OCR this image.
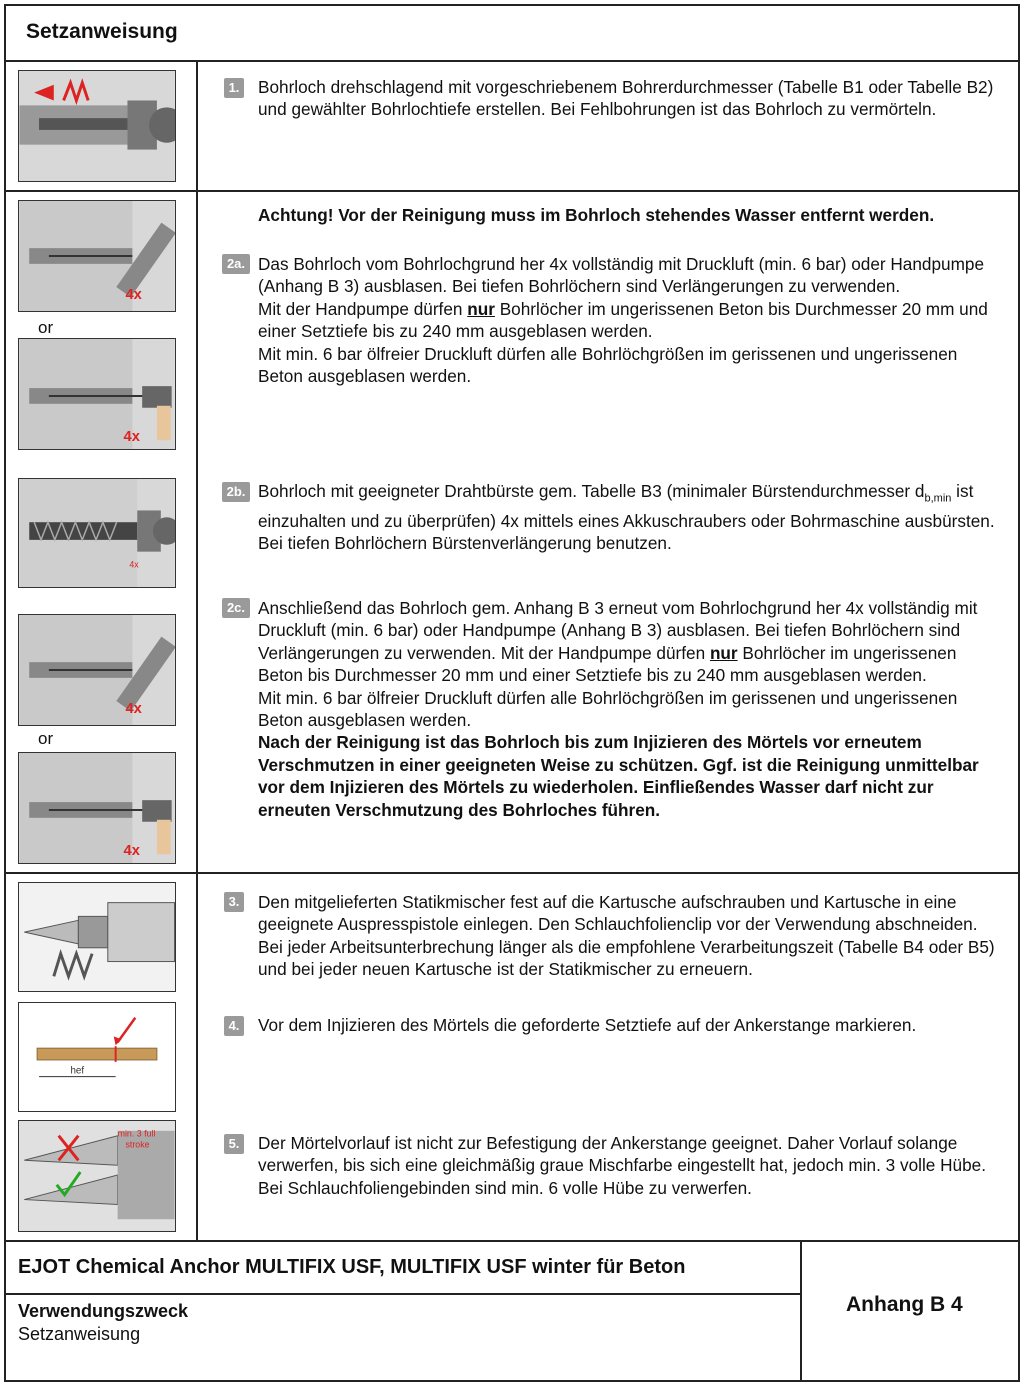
Setzanweisung
4x
or
4x
4x
4x
or
4x
hef
min. 3 full
stroke
1. Bohrloch drehschlagend mit vorgeschriebenem Bohrerdurchmesser (Tabelle B1 oder Tabelle B2) und gewählter Bohrlochtiefe erstellen. Bei Fehlbohrungen ist das Bohrloch zu vermörteln.
Achtung! Vor der Reinigung muss im Bohrloch stehendes Wasser entfernt werden.
2a. Das Bohrloch vom Bohrlochgrund her 4x vollständig mit Druckluft (min. 6 bar) oder Handpumpe (Anhang B 3) ausblasen. Bei tiefen Bohrlöchern sind Verlängerungen zu verwenden.
Mit der Handpumpe dürfen nur Bohrlöcher im ungerissenen Beton bis Durchmesser 20 mm und einer Setztiefe bis zu 240 mm ausgeblasen werden.
Mit min. 6 bar ölfreier Druckluft dürfen alle Bohrlöchgrößen im gerissenen und ungerissenen Beton ausgeblasen werden.
2b. Bohrloch mit geeigneter Drahtbürste gem. Tabelle B3 (minimaler Bürstendurchmesser $d_{b,min}$ ist einzuhalten und zu überprüfen) 4x mittels eines Akkuschraubers oder Bohrmaschine ausbürsten.
Bei tiefen Bohrlöchern Bürstenverlängerung benutzen.
2c. Anschließend das Bohrloch gem. Anhang B 3 erneut vom Bohrlochgrund her 4x vollständig mit Druckluft (min. 6 bar) oder Handpumpe (Anhang B 3) ausblasen. Bei tiefen Bohrlöchern sind Verlängerungen zu verwenden. Mit der Handpumpe dürfen nur Bohrlöcher im ungerissenen Beton bis Durchmesser 20 mm und einer Setztiefe bis zu 240 mm ausgeblasen werden.
Mit min. 6 bar ölfreier Druckluft dürfen alle Bohrlöchgrößen im gerissenen und ungerissenen Beton ausgeblasen werden.
Nach der Reinigung ist das Bohrloch bis zum Injizieren des Mörtels vor erneutem Verschmutzen in einer geeigneten Weise zu schützen. Ggf. ist die Reinigung unmittelbar vor dem Injizieren des Mörtels zu wiederholen. Einfließendes Wasser darf nicht zur erneuten Verschmutzung des Bohrloches führen.
3. Den mitgelieferten Statikmischer fest auf die Kartusche aufschrauben und Kartusche in eine geeignete Auspresspistole einlegen. Den Schlauchfolienclip vor der Verwendung abschneiden. Bei jeder Arbeitsunterbrechung länger als die empfohlene Verarbeitungszeit (Tabelle B4 oder B5) und bei jeder neuen Kartusche ist der Statikmischer zu erneuern.
4. Vor dem Injizieren des Mörtels die geforderte Setztiefe auf der Ankerstange markieren.
5. Der Mörtelvorlauf ist nicht zur Befestigung der Ankerstange geeignet. Daher Vorlauf solange verwerfen, bis sich eine gleichmäßig graue Mischfarbe eingestellt hat, jedoch min. 3 volle Hübe. Bei Schlauchfoliengebinden sind min. 6 volle Hübe zu verwerfen.
EJOT Chemical Anchor MULTIFIX USF, MULTIFIX USF winter für Beton
Verwendungszweck
Setzanweisung
Anhang B 4
